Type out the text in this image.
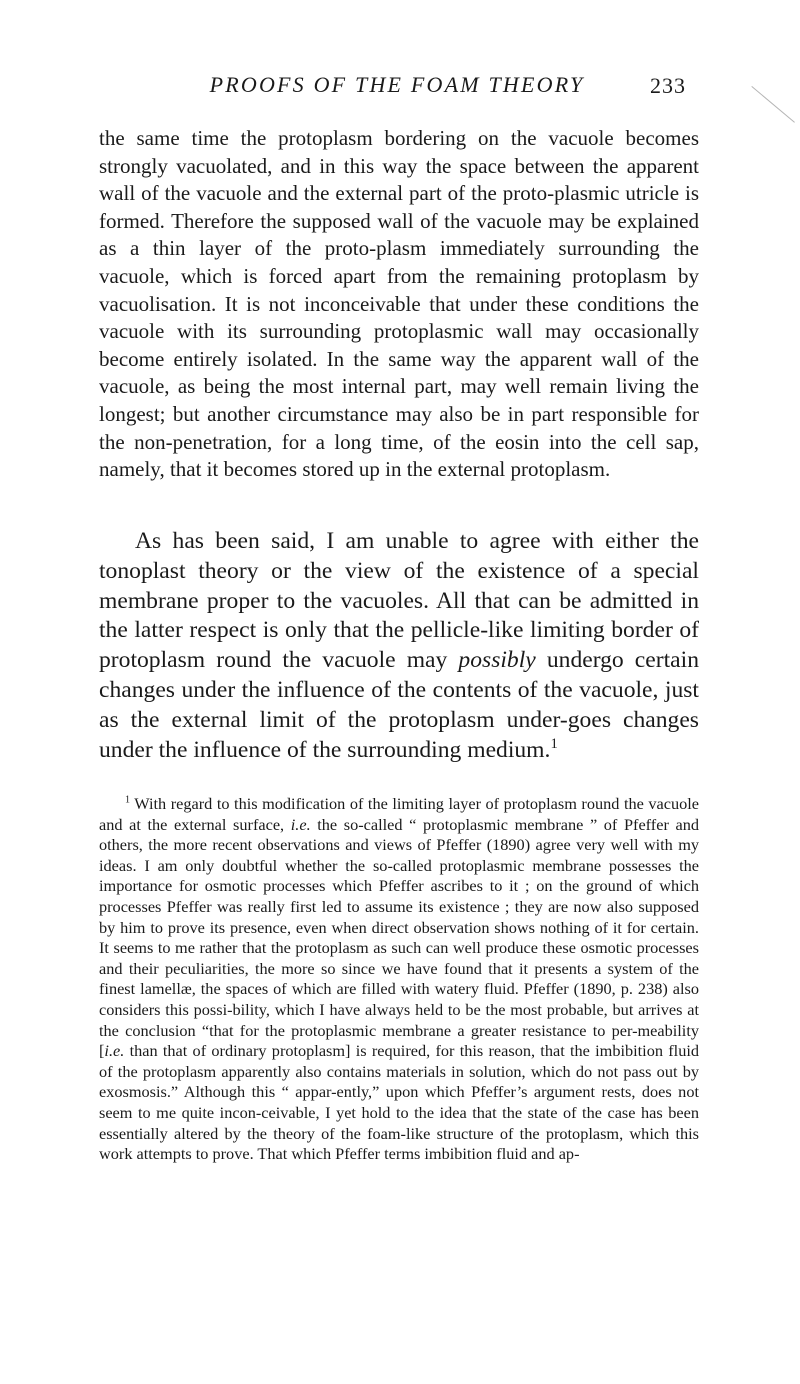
PROOFS OF THE FOAM THEORY	233

the same time the protoplasm bordering on the vacuole becomes strongly vacuolated, and in this way the space between the apparent wall of the vacuole and the external part of the proto-plasmic utricle is formed. Therefore the supposed wall of the vacuole may be explained as a thin layer of the proto-plasm immediately surrounding the vacuole, which is forced apart from the remaining protoplasm by vacuolisation. It is not inconceivable that under these conditions the vacuole with its surrounding protoplasmic wall may occasionally become entirely isolated. In the same way the apparent wall of the vacuole, as being the most internal part, may well remain living the longest; but another circumstance may also be in part responsible for the non-penetration, for a long time, of the eosin into the cell sap, namely, that it becomes stored up in the external protoplasm.

As has been said, I am unable to agree with either the tonoplast theory or the view of the existence of a special membrane proper to the vacuoles. All that can be admitted in the latter respect is only that the pellicle-like limiting border of protoplasm round the vacuole may possibly undergo certain changes under the influence of the contents of the vacuole, just as the external limit of the protoplasm under-goes changes under the influence of the surrounding medium.$^1$

$^1$ With regard to this modification of the limiting layer of protoplasm round the vacuole and at the external surface, i.e. the so-called “ protoplasmic membrane ” of Pfeffer and others, the more recent observations and views of Pfeffer (1890) agree very well with my ideas. I am only doubtful whether the so-called protoplasmic membrane possesses the importance for osmotic processes which Pfeffer ascribes to it ; on the ground of which processes Pfeffer was really first led to assume its existence ; they are now also supposed by him to prove its presence, even when direct observation shows nothing of it for certain. It seems to me rather that the protoplasm as such can well produce these osmotic processes and their peculiarities, the more so since we have found that it presents a system of the finest lamellæ, the spaces of which are filled with watery fluid. Pfeffer (1890, p. 238) also considers this possi-bility, which I have always held to be the most probable, but arrives at the conclusion “that for the protoplasmic membrane a greater resistance to per-meability [i.e. than that of ordinary protoplasm] is required, for this reason, that the imbibition fluid of the protoplasm apparently also contains materials in solution, which do not pass out by exosmosis.” Although this “ appar-ently,” upon which Pfeffer’s argument rests, does not seem to me quite incon-ceivable, I yet hold to the idea that the state of the case has been essentially altered by the theory of the foam-like structure of the protoplasm, which this work attempts to prove. That which Pfeffer terms imbibition fluid and ap-
